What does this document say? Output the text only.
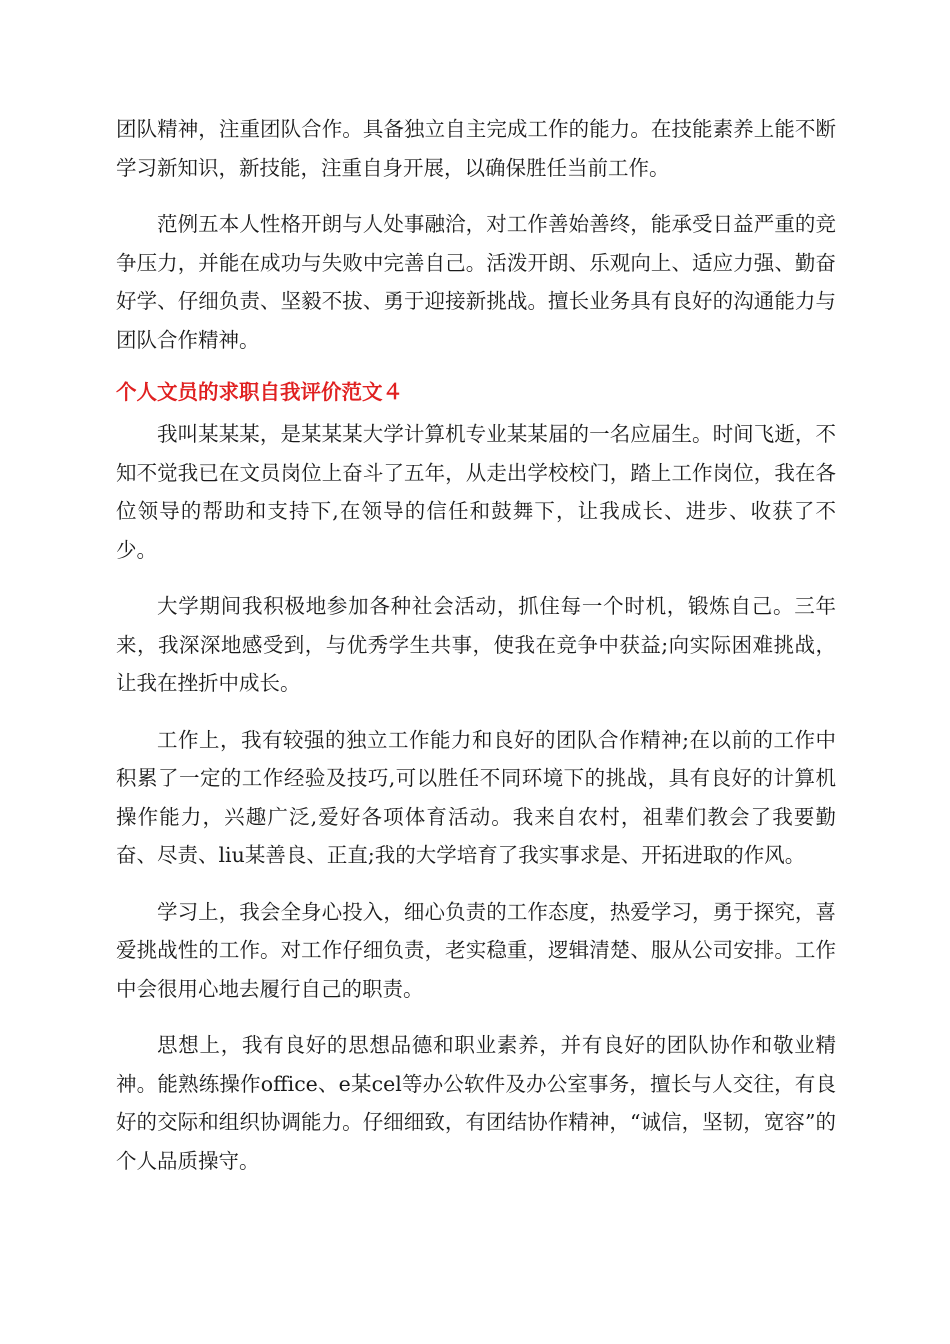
团队精神，注重团队合作。具备独立自主完成工作的能力。在技能素养上能不断学习新知识，新技能，注重自身开展，以确保胜任当前工作。

范例五本人性格开朗与人处事融洽，对工作善始善终，能承受日益严重的竞争压力，并能在成功与失败中完善自己。活泼开朗、乐观向上、适应力强、勤奋好学、仔细负责、坚毅不拔、勇于迎接新挑战。擅长业务具有良好的沟通能力与团队合作精神。

个人文员的求职自我评价范文４

我叫某某某，是某某某大学计算机专业某某届的一名应届生。时间飞逝，不知不觉我已在文员岗位上奋斗了五年，从走出学校校门，踏上工作岗位，我在各位领导的帮助和支持下,在领导的信任和鼓舞下，让我成长、进步、收获了不少。

大学期间我积极地参加各种社会活动，抓住每一个时机，锻炼自己。三年来，我深深地感受到，与优秀学生共事，使我在竞争中获益;向实际困难挑战，让我在挫折中成长。

工作上，我有较强的独立工作能力和良好的团队合作精神;在以前的工作中积累了一定的工作经验及技巧,可以胜任不同环境下的挑战，具有良好的计算机操作能力，兴趣广泛,爱好各项体育活动。我来自农村，祖辈们教会了我要勤奋、尽责、liu某善良、正直;我的大学培育了我实事求是、开拓进取的作风。

学习上，我会全身心投入，细心负责的工作态度，热爱学习，勇于探究，喜爱挑战性的工作。对工作仔细负责，老实稳重，逻辑清楚、服从公司安排。工作中会很用心地去履行自己的职责。

思想上，我有良好的思想品德和职业素养，并有良好的团队协作和敬业精神。能熟练操作office、e某cel等办公软件及办公室事务，擅长与人交往，有良好的交际和组织协调能力。仔细细致，有团结协作精神，“诚信，坚韧，宽容”的个人品质操守。
